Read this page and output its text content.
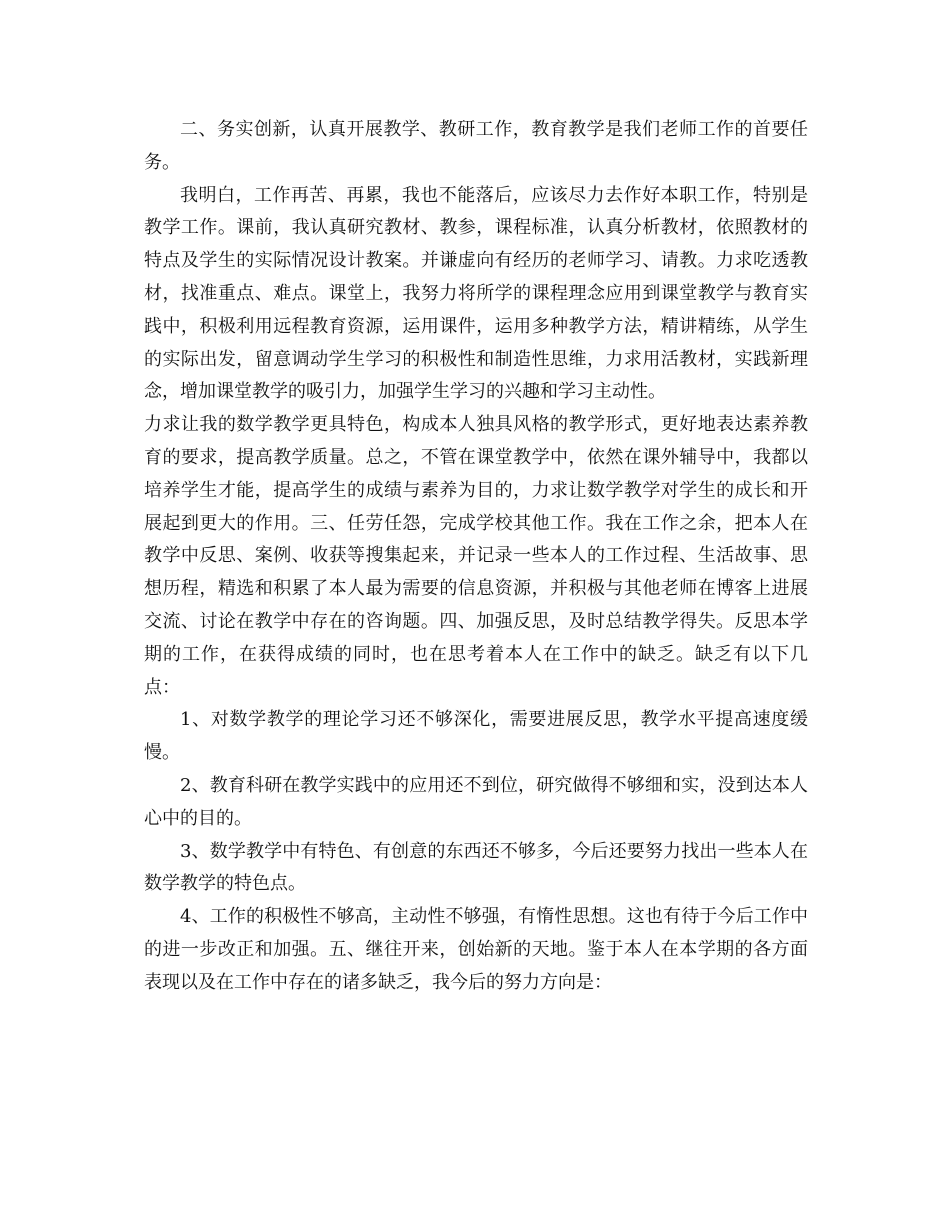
二、务实创新，认真开展教学、教研工作，教育教学是我们老师工作的首要任务。

我明白，工作再苦、再累，我也不能落后，应该尽力去作好本职工作，特别是教学工作。课前，我认真研究教材、教参，课程标准，认真分析教材，依照教材的特点及学生的实际情况设计教案。并谦虚向有经历的老师学习、请教。力求吃透教材，找准重点、难点。课堂上，我努力将所学的课程理念应用到课堂教学与教育实践中，积极利用远程教育资源，运用课件，运用多种教学方法，精讲精练，从学生的实际出发，留意调动学生学习的积极性和制造性思维，力求用活教材，实践新理念，增加课堂教学的吸引力，加强学生学习的兴趣和学习主动性。

力求让我的数学教学更具特色，构成本人独具风格的教学形式，更好地表达素养教育的要求，提高教学质量。总之，不管在课堂教学中，依然在课外辅导中，我都以培养学生才能，提高学生的成绩与素养为目的，力求让数学教学对学生的成长和开展起到更大的作用。三、任劳任怨，完成学校其他工作。我在工作之余，把本人在教学中反思、案例、收获等搜集起来，并记录一些本人的工作过程、生活故事、思想历程，精选和积累了本人最为需要的信息资源，并积极与其他老师在博客上进展交流、讨论在教学中存在的咨询题。四、加强反思，及时总结教学得失。反思本学期的工作，在获得成绩的同时，也在思考着本人在工作中的缺乏。缺乏有以下几点：

1、对数学教学的理论学习还不够深化，需要进展反思，教学水平提高速度缓慢。

2、教育科研在教学实践中的应用还不到位，研究做得不够细和实，没到达本人心中的目的。

3、数学教学中有特色、有创意的东西还不够多，今后还要努力找出一些本人在数学教学的特色点。

4、工作的积极性不够高，主动性不够强，有惰性思想。这也有待于今后工作中的进一步改正和加强。五、继往开来，创始新的天地。鉴于本人在本学期的各方面表现以及在工作中存在的诸多缺乏，我今后的努力方向是：
